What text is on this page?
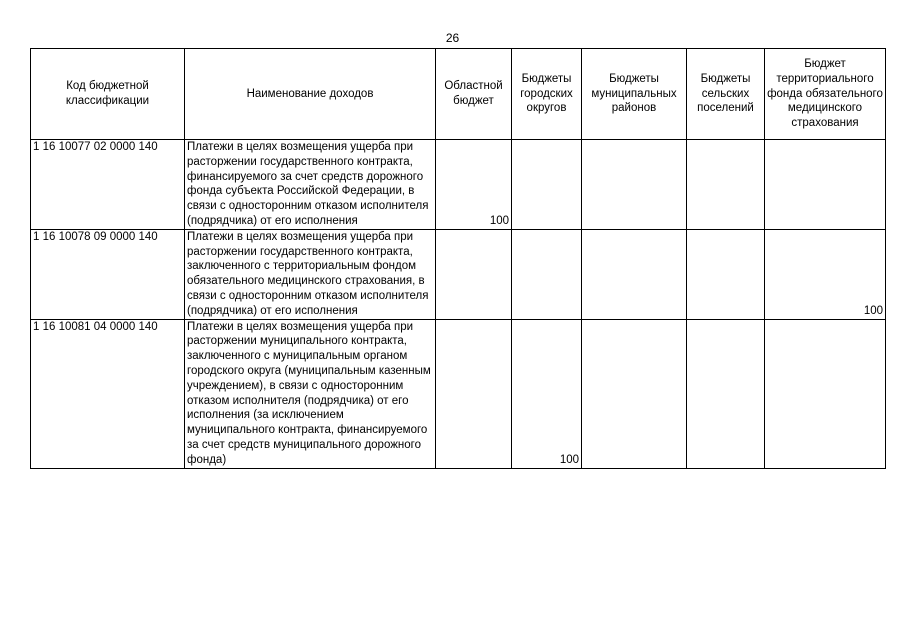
26
Код бюджетной классификации	Наименование доходов	Областной бюджет	Бюджеты городских округов	Бюджеты муниципальных районов	Бюджеты сельских поселений	Бюджет территориального фонда обязательного медицинского страхования
1 16 10077 02 0000 140	Платежи в целях возмещения ущерба при расторжении государственного контракта, финансируемого за счет средств дорожного фонда субъекта Российской Федерации, в связи с односторонним отказом исполнителя (подрядчика) от его исполнения	100				
1 16 10078 09 0000 140	Платежи в целях возмещения ущерба при расторжении государственного контракта, заключенного с территориальным фондом обязательного медицинского страхования, в связи с односторонним отказом исполнителя (подрядчика) от его исполнения					100
1 16 10081 04 0000 140	Платежи в целях возмещения ущерба при расторжении муниципального контракта, заключенного с муниципальным органом городского округа (муниципальным казенным учреждением), в связи с односторонним отказом исполнителя (подрядчика) от его исполнения (за исключением муниципального контракта, финансируемого за счет средств муниципального дорожного фонда)		100			
